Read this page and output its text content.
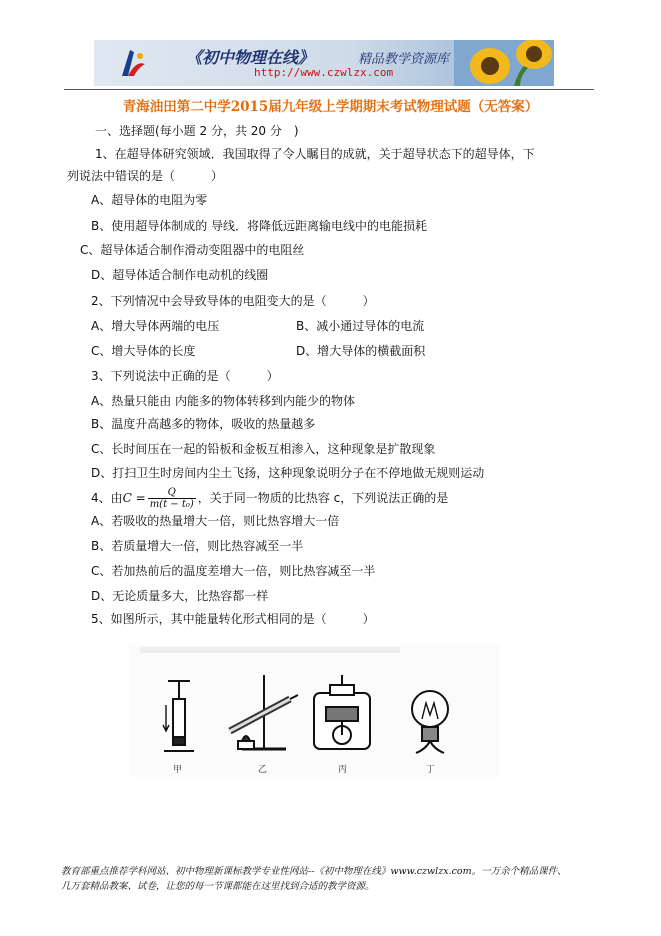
《初中物理在线》	精品教学资源库
http://www.czwlzx.com
青海油田第二中学2015届九年级上学期期末考试物理试题（无答案）
一、选择题(每小题 2 分，共 20 分　)
1、在超导体研究领域．我国取得了令人瞩目的成就，关于超导状态下的超导体，下
列说法中错误的是（　　　）
A、超导体的电阻为零
B、使用超导体制成的 导线．将降低远距离输电线中的电能损耗
C、超导体适合制作滑动变阻器中的电阻丝
D、超导体适合制作电动机的线圈
2、下列情况中会导致导体的电阻变大的是（　　　）
A、增大导体两端的电压	B、减小通过导体的电流
C、增大导体的长度	D、增大导体的横截面积
3、下列说法中正确的是（　　　）
A、热量只能由 内能多的物体转移到内能少的物体
B、温度升高越多的物体，吸收的热量越多
C、长时间压在一起的铅板和金板互相渗入，这种现象是扩散现象
D、打扫卫生时房间内尘土飞扬，这种现象说明分子在不停地做无规则运动
4、由$C = \frac{Q}{\text{m(t − t₀)}}$ ，关于同一物质的比热容 c，下列说法正确的是
A、若吸收的热量增大一倍，则比热容增大一倍
B、若质量增大一倍，则比热容减至一半
C、若加热前后的温度差增大一倍，则比热容减至一半
D、无论质量多大，比热容都一样
5、如图所示，其中能量转化形式相同的是（　　　）
甲	乙	丙	丁
教育部重点推荐学科网站、初中物理新课标教学专业性网站--《初中物理在线》www.czwlzx.com。一万余个精品课件、
几万套精品教案、试卷，让您的每一节课都能在这里找到合适的教学资源。
